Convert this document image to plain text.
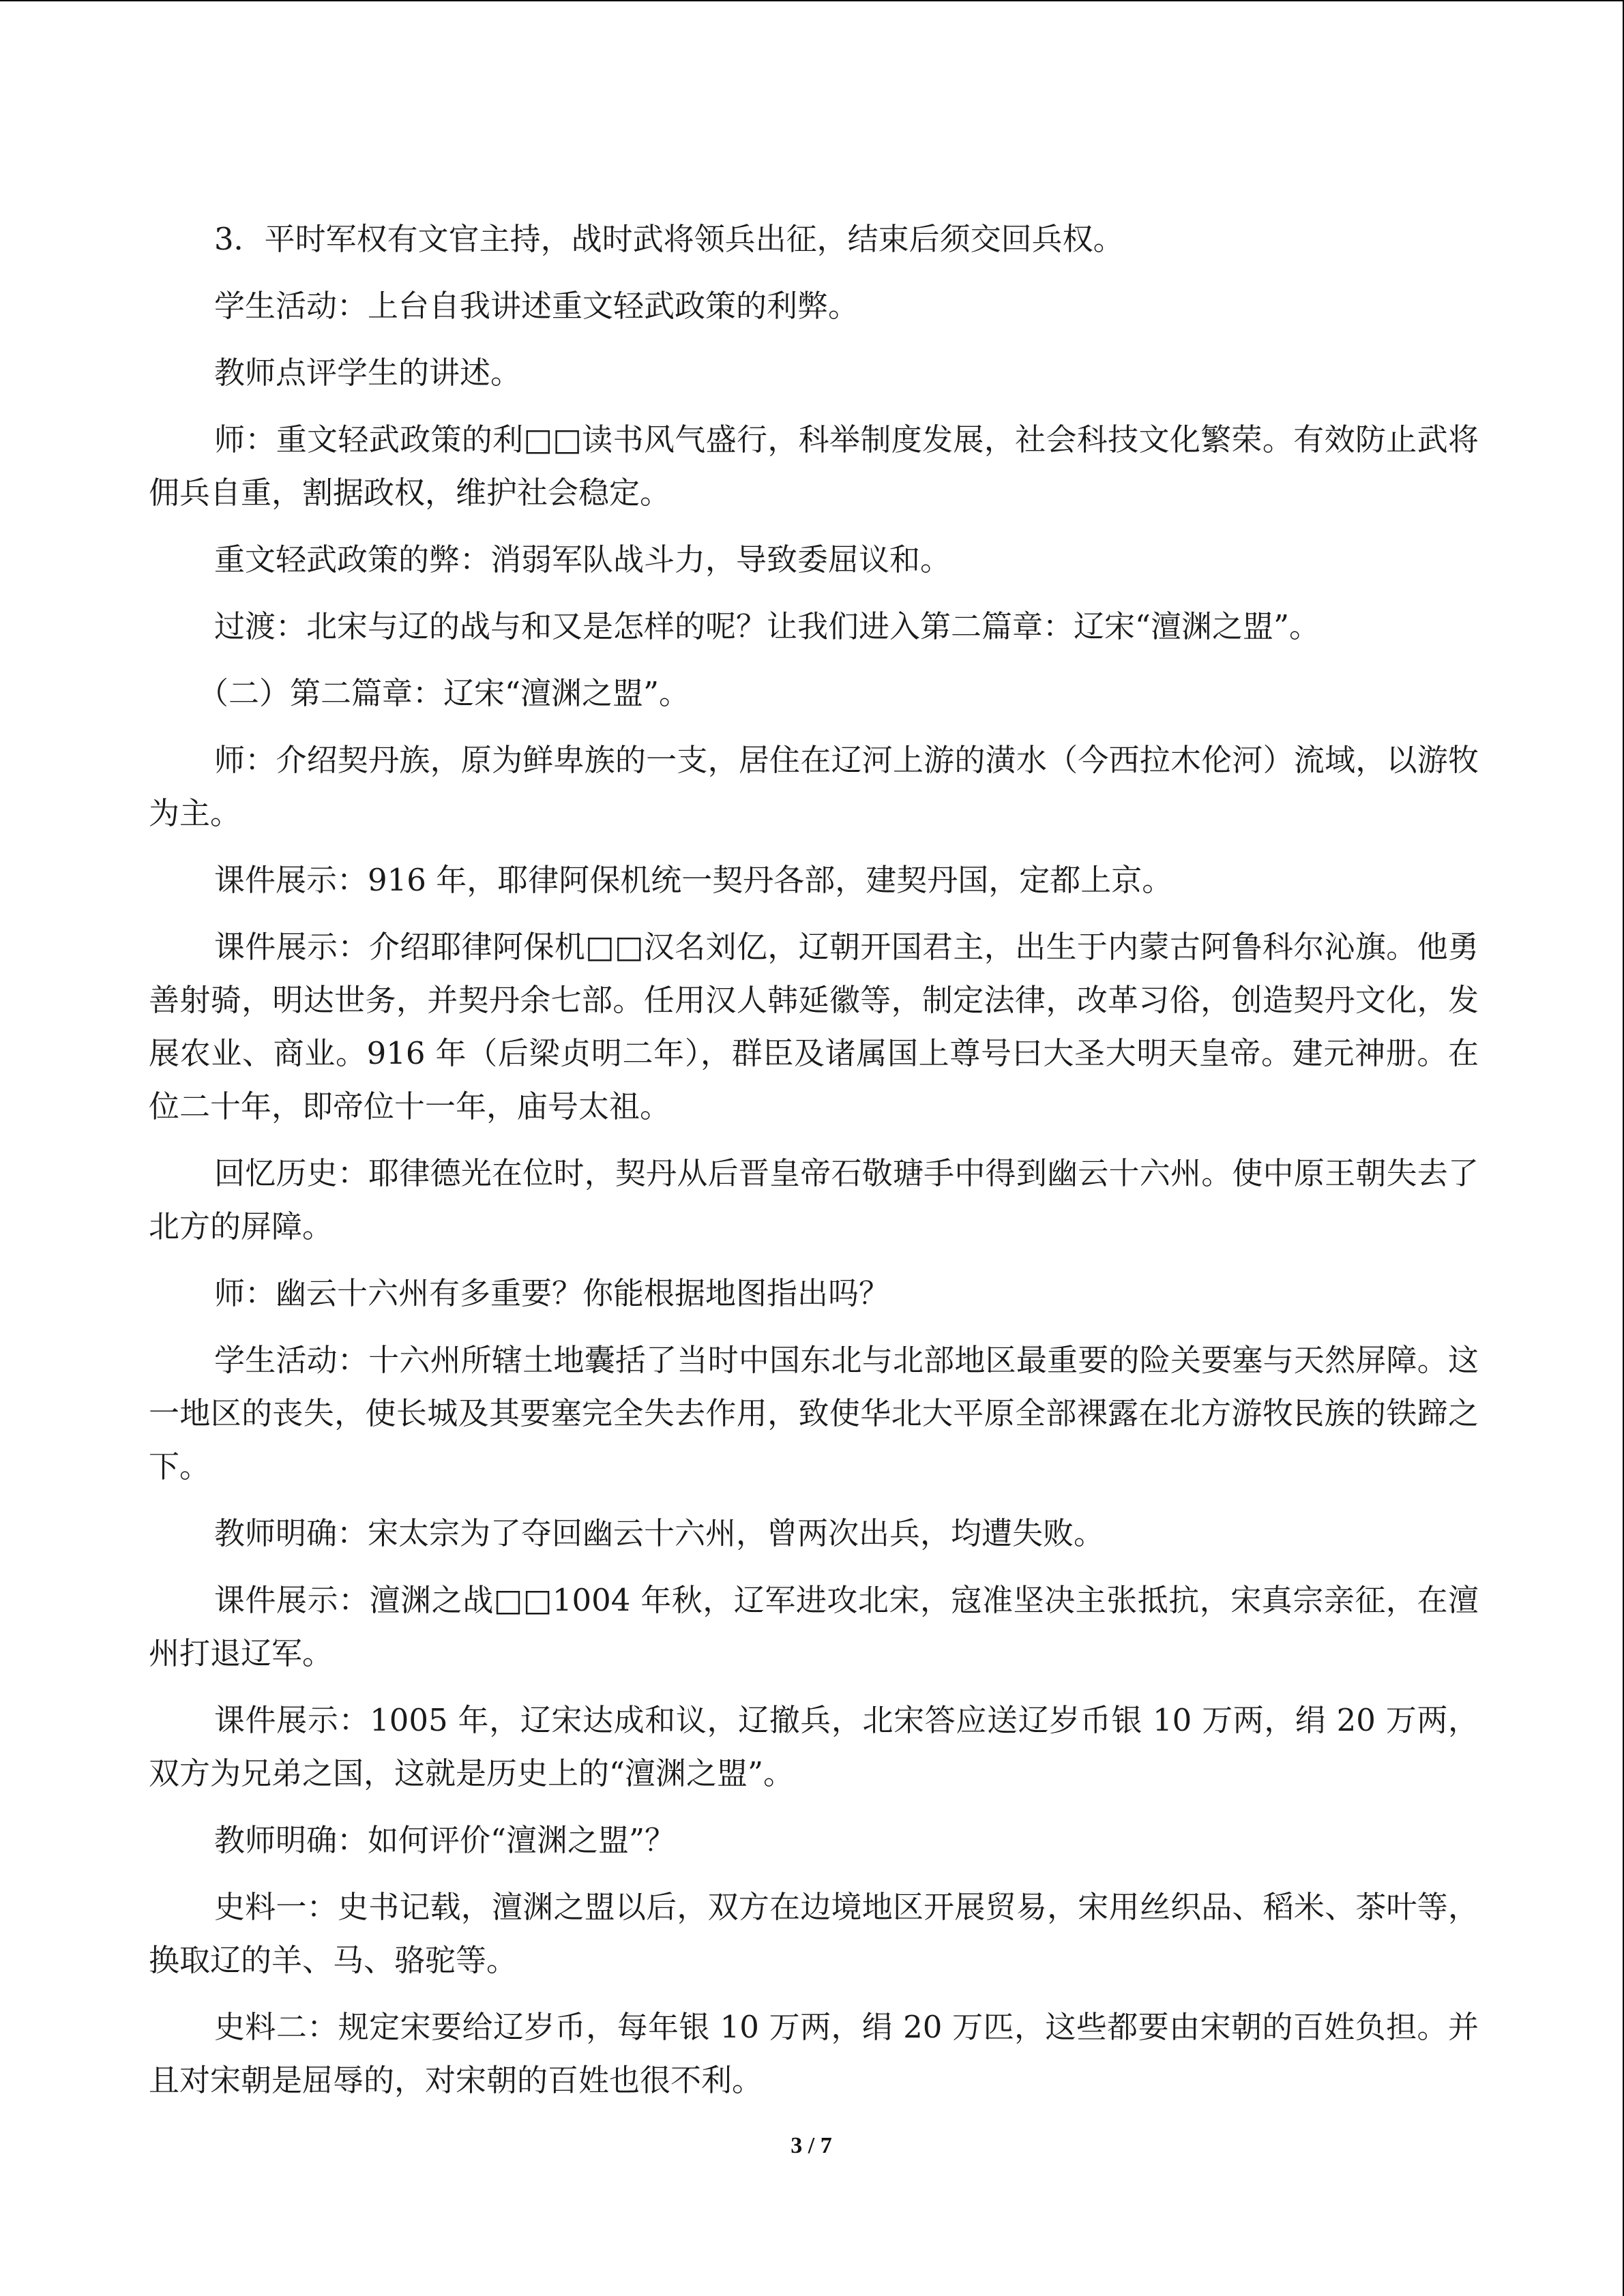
3．平时军权有文官主持，战时武将领兵出征，结束后须交回兵权。

学生活动：上台自我讲述重文轻武政策的利弊。

教师点评学生的讲述。

师：重文轻武政策的利□□读书风气盛行，科举制度发展，社会科技文化繁荣。有效防止武将佣兵自重，割据政权，维护社会稳定。

重文轻武政策的弊：消弱军队战斗力，导致委屈议和。

过渡：北宋与辽的战与和又是怎样的呢？让我们进入第二篇章：辽宋“澶渊之盟”。

（二）第二篇章：辽宋“澶渊之盟”。

师：介绍契丹族，原为鲜卑族的一支，居住在辽河上游的潢水（今西拉木伦河）流域，以游牧为主。

课件展示：916 年，耶律阿保机统一契丹各部，建契丹国，定都上京。

课件展示：介绍耶律阿保机□□汉名刘亿，辽朝开国君主，出生于内蒙古阿鲁科尔沁旗。他勇善射骑，明达世务，并契丹余七部。任用汉人韩延徽等，制定法律，改革习俗，创造契丹文化，发展农业、商业。916 年（后梁贞明二年），群臣及诸属国上尊号曰大圣大明天皇帝。建元神册。在位二十年，即帝位十一年，庙号太祖。

回忆历史：耶律德光在位时，契丹从后晋皇帝石敬瑭手中得到幽云十六州。使中原王朝失去了北方的屏障。

师：幽云十六州有多重要？你能根据地图指出吗？

学生活动：十六州所辖土地囊括了当时中国东北与北部地区最重要的险关要塞与天然屏障。这一地区的丧失，使长城及其要塞完全失去作用，致使华北大平原全部裸露在北方游牧民族的铁蹄之下。

教师明确：宋太宗为了夺回幽云十六州，曾两次出兵，均遭失败。

课件展示：澶渊之战□□1004 年秋，辽军进攻北宋，寇准坚决主张抵抗，宋真宗亲征，在澶州打退辽军。

课件展示：1005 年，辽宋达成和议，辽撤兵，北宋答应送辽岁币银 10 万两，绢 20 万两，双方为兄弟之国，这就是历史上的“澶渊之盟”。

教师明确：如何评价“澶渊之盟”？

史料一：史书记载，澶渊之盟以后，双方在边境地区开展贸易，宋用丝织品、稻米、茶叶等，换取辽的羊、马、骆驼等。

史料二：规定宋要给辽岁币，每年银 10 万两，绢 20 万匹，这些都要由宋朝的百姓负担。并且对宋朝是屈辱的，对宋朝的百姓也很不利。

3 / 7
